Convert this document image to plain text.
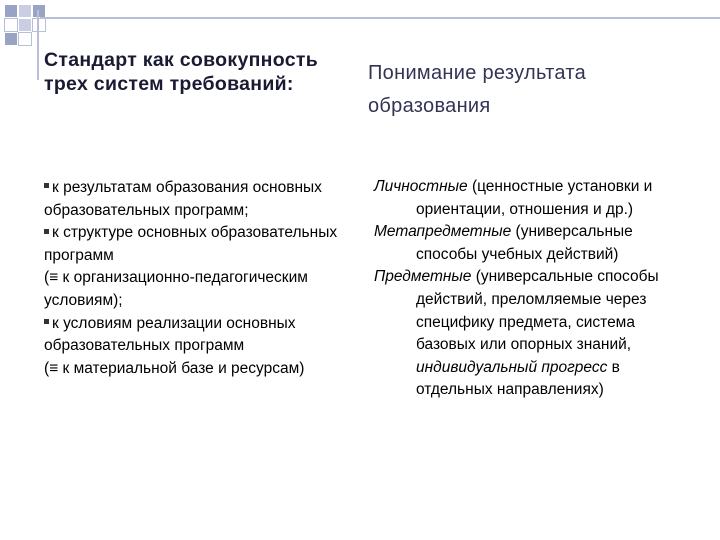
Стандарт как совокупность трех систем требований:	Понимание результата образования
к результатам образования основных образовательных программ;
к структуре основных образовательных программ
(≡ к организационно-педагогическим условиям);
к условиям реализации основных образовательных программ
(≡ к материальной базе и ресурсам)
Личностные (ценностные установки и ориентации, отношения и др.)
Метапредметные (универсальные способы учебных действий)
Предметные (универсальные способы действий, преломляемые через специфику предмета, система базовых или опорных знаний, индивидуальный прогресс в отдельных направлениях)
